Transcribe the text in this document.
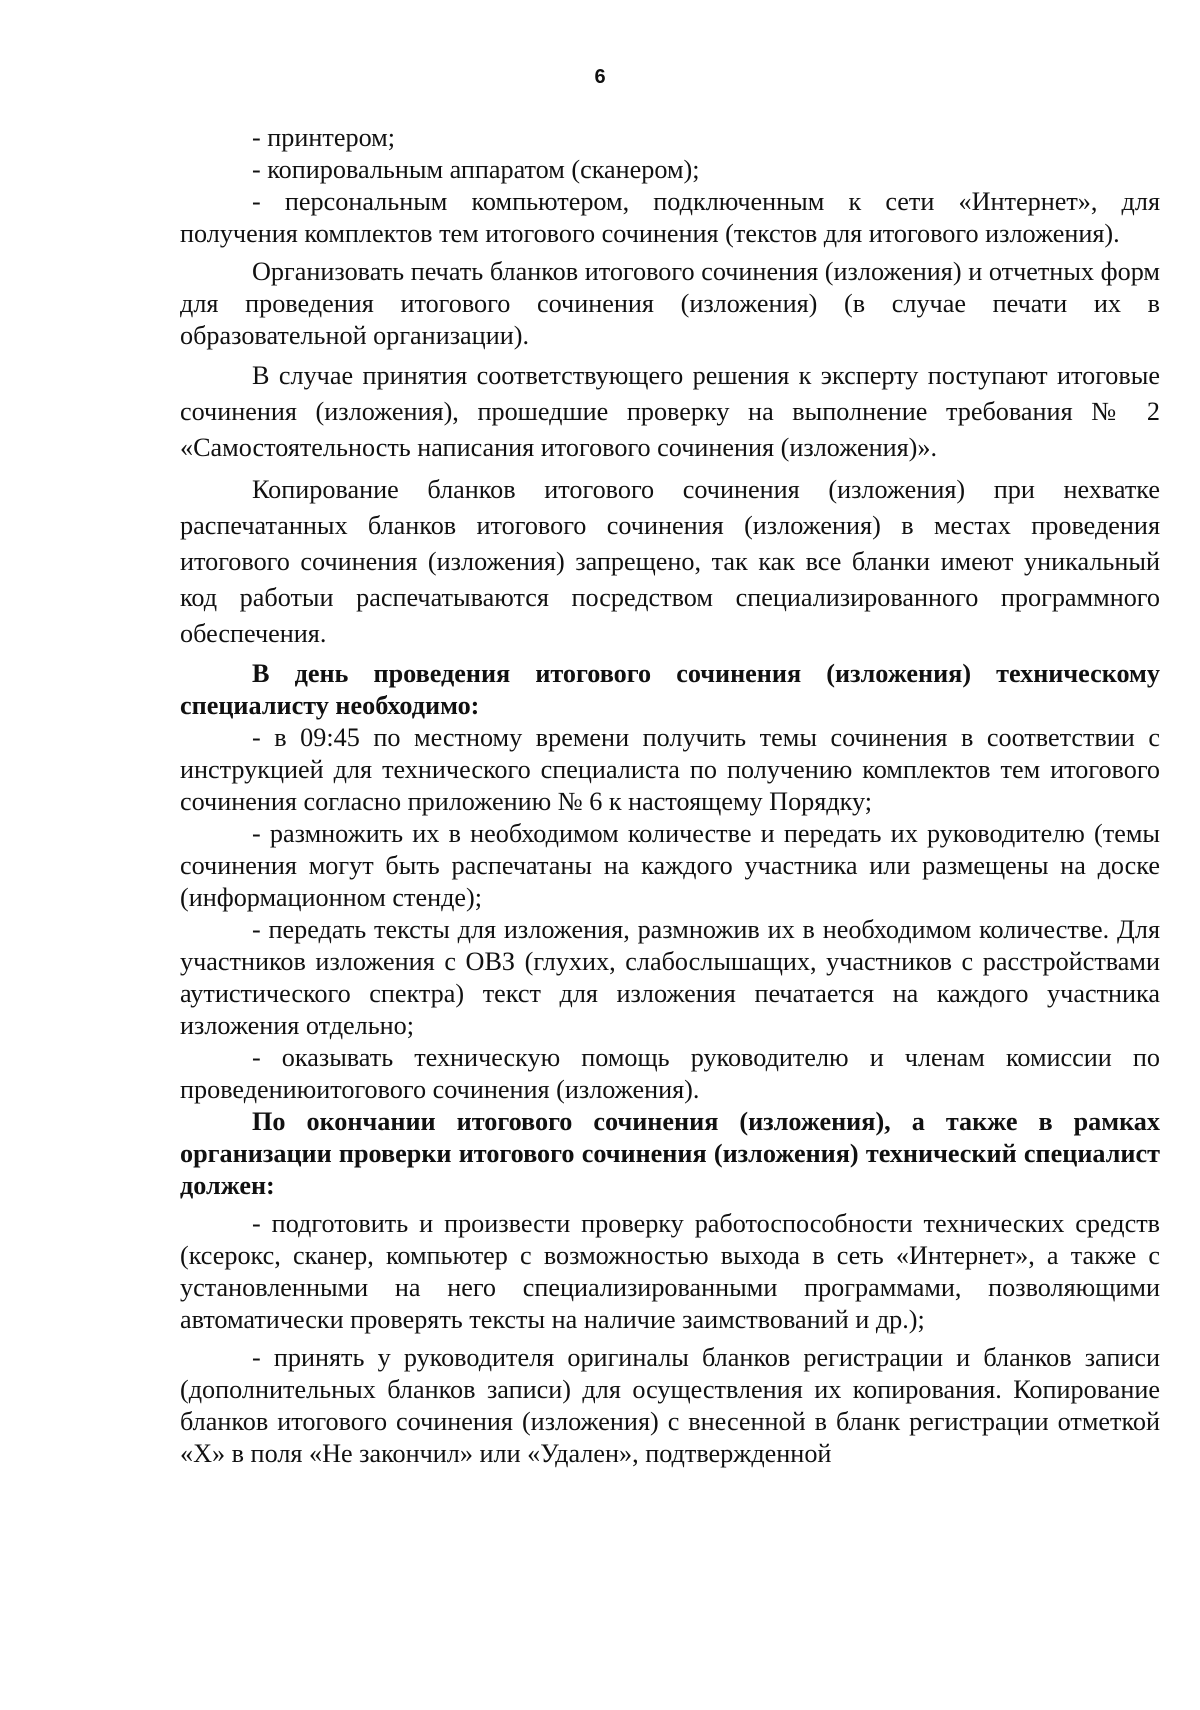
6

- принтером;

- копировальным аппаратом (сканером);

- персональным компьютером, подключенным к сети «Интернет», для получения комплектов тем итогового сочинения (текстов для итогового изложения).

Организовать печать бланков итогового сочинения (изложения) и отчетных форм для проведения итогового сочинения (изложения) (в случае печати их в образовательной организации).

В случае принятия соответствующего решения к эксперту поступают итоговые сочинения (изложения), прошедшие проверку на выполнение требования № 2 «Самостоятельность написания итогового сочинения (изложения)».

Копирование бланков итогового сочинения (изложения) при нехватке распечатанных бланков итогового сочинения (изложения) в местах проведения итогового сочинения (изложения) запрещено, так как все бланки имеют уникальный код работыи распечатываются посредством специализированного программного обеспечения.

В день проведения итогового сочинения (изложения) техническому специалисту необходимо:

- в 09:45 по местному времени получить темы сочинения в соответствии с инструкцией для технического специалиста по получению комплектов тем итогового сочинения согласно приложению № 6 к настоящему Порядку;

- размножить их в необходимом количестве и передать их руководителю (темы сочинения могут быть распечатаны на каждого участника или размещены на доске (информационном стенде);

- передать тексты для изложения, размножив их в необходимом количестве. Для участников изложения с ОВЗ (глухих, слабослышащих, участников с расстройствами аутистического спектра) текст для изложения печатается на каждого участника изложения отдельно;

- оказывать техническую помощь руководителю и членам комиссии по проведениюитогового сочинения (изложения).

По окончании итогового сочинения (изложения), а также в рамках организации проверки итогового сочинения (изложения) технический специалист должен:

- подготовить и произвести проверку работоспособности технических средств (ксерокс, сканер, компьютер с возможностью выхода в сеть «Интернет», а также с установленными на него специализированными программами, позволяющими автоматически проверять тексты на наличие заимствований и др.);

- принять у руководителя оригиналы бланков регистрации и бланков записи (дополнительных бланков записи) для осуществления их копирования. Копирование бланков итогового сочинения (изложения) с внесенной в бланк регистрации отметкой «Х» в поля «Не закончил» или «Удален», подтвержденной
